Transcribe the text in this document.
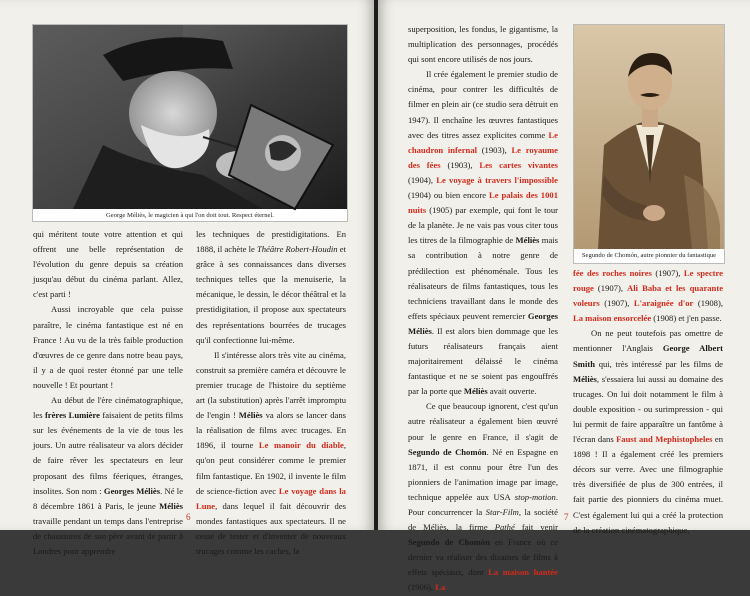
George Méliès, le magicien à qui l'on doit tout. Respect éternel.

qui méritent toute votre attention et qui offrent une belle représentation de l'évolution du genre depuis sa création jusqu'au début du cinéma parlant. Allez, c'est parti !

Aussi incroyable que cela puisse paraître, le cinéma fantastique est né en France ! Au vu de la très faible production d'œuvres de ce genre dans notre beau pays, il y a de quoi rester étonné par une telle nouvelle ! Et pourtant !

Au début de l'ère cinématographique, les frères Lumière faisaient de petits films sur les événements de la vie de tous les jours. Un autre réalisateur va alors décider de faire rêver les spectateurs en leur proposant des films féeriques, étranges, insolites. Son nom : Georges Méliès. Né le 8 décembre 1861 à Paris, le jeune Méliès travaille pendant un temps dans l'entreprise de chaussures de son père avant de partir à Londres pour apprendre

les techniques de prestidigitations. En 1888, il achète le Théâtre Robert-Houdin et grâce à ses connaissances dans diverses techniques telles que la menuiserie, la mécanique, le dessin, le décor théâtral et la prestidigitation, il propose aux spectateurs des représentations bourrées de trucages qu'il confectionne lui-même.

Il s'intéresse alors très vite au cinéma, construit sa première caméra et découvre le premier trucage de l'histoire du septième art (la substitution) après l'arrêt impromptu de l'engin ! Méliès va alors se lancer dans la réalisation de films avec trucages. En 1896, il tourne Le manoir du diable, qu'on peut considérer comme le premier film fantastique. En 1902, il invente le film de science-fiction avec Le voyage dans la Lune, dans lequel il fait découvrir des mondes fantastiques aux spectateurs. Il ne cesse de tester et d'inventer de nouveaux trucages comme les caches, la

6

superposition, les fondus, le gigantisme, la multiplication des personnages, procédés qui sont encore utilisés de nos jours.

Il crée également le premier studio de cinéma, pour contrer les difficultés de filmer en plein air (ce studio sera détruit en 1947). Il enchaîne les œuvres fantastiques avec des titres assez explicites comme Le chaudron infernal (1903), Le royaume des fées (1903), Les cartes vivantes (1904), Le voyage à travers l'impossible (1904) ou bien encore Le palais des 1001 nuits (1905) par exemple, qui font le tour de la planète. Je ne vais pas vous citer tous les titres de la filmographie de Méliès mais sa contribution à notre genre de prédilection est phénoménale. Tous les réalisateurs de films fantastiques, tous les techniciens travaillant dans le monde des effets spéciaux peuvent remercier Georges Méliès. Il est alors bien dommage que les futurs réalisateurs français aient majoritairement délaissé le cinéma fantastique et ne se soient pas engouffrés par la porte que Méliès avait ouverte.

Ce que beaucoup ignorent, c'est qu'un autre réalisateur a également bien œuvré pour le genre en France, il s'agit de Segundo de Chomón. Né en Espagne en 1871, il est connu pour être l'un des pionniers de l'animation image par image, technique appelée aux USA stop-motion. Pour concurrencer la Star-Film, la société de Méliès, la firme Pathé fait venir Segundo de Chomón en France où ce dernier va réaliser des dizaines de films à effets spéciaux, dont La maison hantée (1906), La

Segundo de Chomón, autre pionnier du fantastique

fée des roches noires (1907), Le spectre rouge (1907), Ali Baba et les quarante voleurs (1907), L'araignée d'or (1908), La maison ensorcelée (1908) et j'en passe.

On ne peut toutefois pas omettre de mentionner l'Anglais George Albert Smith qui, très intéressé par les films de Méliès, s'essaiera lui aussi au domaine des trucages. On lui doit notamment le film à double exposition - ou surimpression - qui lui permit de faire apparaître un fantôme à l'écran dans Faust and Mephistopheles en 1898 ! Il a également créé les premiers décors sur verre. Avec une filmographie très diversifiée de plus de 300 entrées, il fait partie des pionniers du cinéma muet. C'est également lui qui a créé la protection de la création cinématographique,

7
